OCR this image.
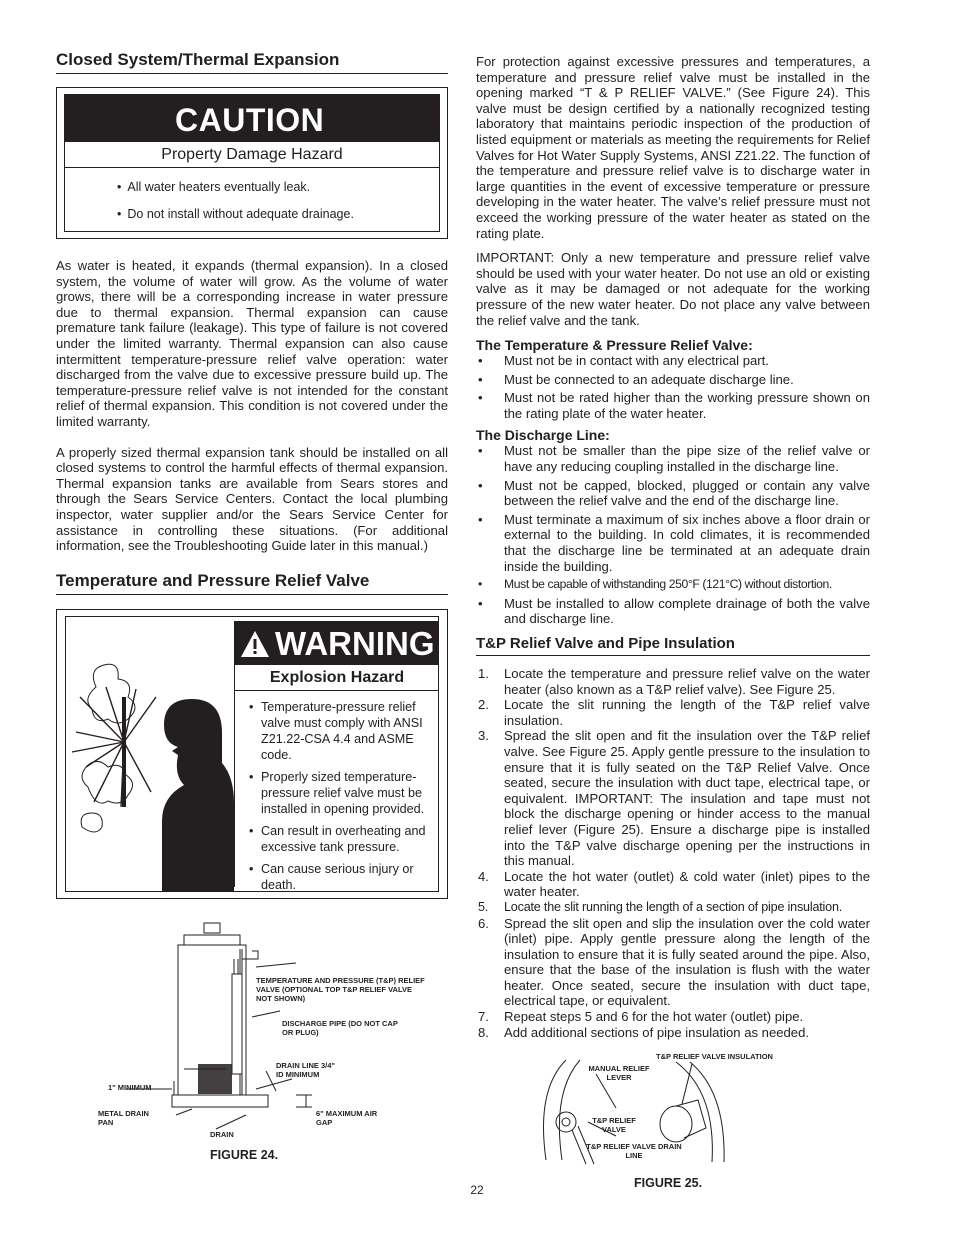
Closed System/Thermal Expansion
CAUTION
Property Damage Hazard
• All water heaters eventually leak.
• Do not install without adequate drainage.

As water is heated, it expands (thermal expansion). In a closed system, the volume of water will grow. As the volume of water grows, there will be a corresponding increase in water pressure due to thermal expansion. Thermal expansion can cause premature tank failure (leakage). This type of failure is not covered under the limited warranty. Thermal expansion can also cause intermittent temperature-pressure relief valve operation: water discharged from the valve due to excessive pressure build up. The temperature-pressure relief valve is not intended for the constant relief of thermal expansion. This condition is not covered under the limited warranty.

A properly sized thermal expansion tank should be installed on all closed systems to control the harmful effects of thermal expansion. Thermal expansion tanks are available from Sears stores and through the Sears Service Centers. Contact the local plumbing inspector, water supplier and/or the Sears Service Center for assistance in controlling these situations. (For additional information, see the Troubleshooting Guide later in this manual.)

Temperature and Pressure Relief Valve
WARNING
Explosion Hazard
• Temperature-pressure relief valve must comply with ANSI Z21.22-CSA 4.4 and ASME code.
• Properly sized temperature-pressure relief valve must be installed in opening provided.
• Can result in overheating and excessive tank pressure.
• Can cause serious injury or death.
TEMPERATURE AND PRESSURE (T&P) RELIEF VALVE (OPTIONAL TOP T&P RELIEF VALVE NOT SHOWN)
DISCHARGE PIPE (DO NOT CAP OR PLUG)
DRAIN LINE 3/4" ID MINIMUM
1" MINIMUM
METAL DRAIN PAN
6" MAXIMUM AIR GAP
DRAIN
FIGURE 24.

For protection against excessive pressures and temperatures, a temperature and pressure relief valve must be installed in the opening marked “T & P RELIEF VALVE.” (See Figure 24). This valve must be design certified by a nationally recognized testing laboratory that maintains periodic inspection of the production of listed equipment or materials as meeting the requirements for Relief Valves for Hot Water Supply Systems, ANSI Z21.22. The function of the temperature and pressure relief valve is to discharge water in large quantities in the event of excessive temperature or pressure developing in the water heater. The valve’s relief pressure must not exceed the working pressure of the water heater as stated on the rating plate.

IMPORTANT: Only a new temperature and pressure relief valve should be used with your water heater. Do not use an old or existing valve as it may be damaged or not adequate for the working pressure of the new water heater. Do not place any valve between the relief valve and the tank.

The Temperature & Pressure Relief Valve:
• Must not be in contact with any electrical part.
• Must be connected to an adequate discharge line.
• Must not be rated higher than the working pressure shown on the rating plate of the water heater.
The Discharge Line:
• Must not be smaller than the pipe size of the relief valve or have any reducing coupling installed in the discharge line.
• Must not be capped, blocked, plugged or contain any valve between the relief valve and the end of the discharge line.
• Must terminate a maximum of six inches above a floor drain or external to the building. In cold climates, it is recommended that the discharge line be terminated at an adequate drain inside the building.
• Must be capable of withstanding 250°F (121°C) without distortion.
• Must be installed to allow complete drainage of both the valve and discharge line.
T&P Relief Valve and Pipe Insulation
1. Locate the temperature and pressure relief valve on the water heater (also known as a T&P relief valve). See Figure 25.
2. Locate the slit running the length of the T&P relief valve insulation.
3. Spread the slit open and fit the insulation over the T&P relief valve. See Figure 25. Apply gentle pressure to the insulation to ensure that it is fully seated on the T&P Relief Valve. Once seated, secure the insulation with duct tape, electrical tape, or equivalent. IMPORTANT: The insulation and tape must not block the discharge opening or hinder access to the manual relief lever (Figure 25). Ensure a discharge pipe is installed into the T&P valve discharge opening per the instructions in this manual.
4. Locate the hot water (outlet) & cold water (inlet) pipes to the water heater.
5. Locate the slit running the length of a section of pipe insulation.
6. Spread the slit open and slip the insulation over the cold water (inlet) pipe. Apply gentle pressure along the length of the insulation to ensure that it is fully seated around the pipe. Also, ensure that the base of the insulation is flush with the water heater. Once seated, secure the insulation with duct tape, electrical tape, or equivalent.
7. Repeat steps 5 and 6 for the hot water (outlet) pipe.
8. Add additional sections of pipe insulation as needed.
T&P RELIEF VALVE INSULATION
MANUAL RELIEF LEVER
T&P RELIEF VALVE
T&P RELIEF VALVE DRAIN LINE
FIGURE 25.
22
